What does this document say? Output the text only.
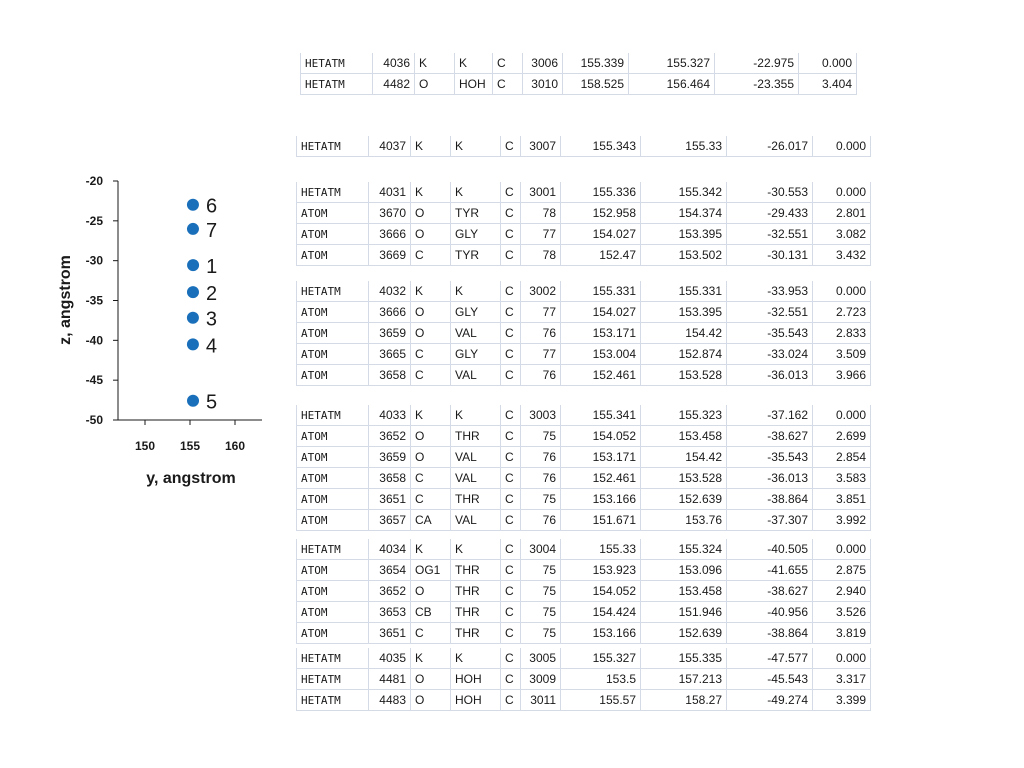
-20
-25
-30
-35
-40
-45
-50
150 155 160
1
2
3
4
5
6
7
y, angstrom
z, angstrom
HETATM	4036	K	K	C	3006	155.339	155.327	-22.975	0.000
HETATM	4482	O	HOH	C	3010	158.525	156.464	-23.355	3.404
HETATM	4037	K	K	C	3007	155.343	155.33	-26.017	0.000
HETATM	4031	K	K	C	3001	155.336	155.342	-30.553	0.000
ATOM	3670	O	TYR	C	78	152.958	154.374	-29.433	2.801
ATOM	3666	O	GLY	C	77	154.027	153.395	-32.551	3.082
ATOM	3669	C	TYR	C	78	152.47	153.502	-30.131	3.432
HETATM	4032	K	K	C	3002	155.331	155.331	-33.953	0.000
ATOM	3666	O	GLY	C	77	154.027	153.395	-32.551	2.723
ATOM	3659	O	VAL	C	76	153.171	154.42	-35.543	2.833
ATOM	3665	C	GLY	C	77	153.004	152.874	-33.024	3.509
ATOM	3658	C	VAL	C	76	152.461	153.528	-36.013	3.966
HETATM	4033	K	K	C	3003	155.341	155.323	-37.162	0.000
ATOM	3652	O	THR	C	75	154.052	153.458	-38.627	2.699
ATOM	3659	O	VAL	C	76	153.171	154.42	-35.543	2.854
ATOM	3658	C	VAL	C	76	152.461	153.528	-36.013	3.583
ATOM	3651	C	THR	C	75	153.166	152.639	-38.864	3.851
ATOM	3657	CA	VAL	C	76	151.671	153.76	-37.307	3.992
HETATM	4034	K	K	C	3004	155.33	155.324	-40.505	0.000
ATOM	3654	OG1	THR	C	75	153.923	153.096	-41.655	2.875
ATOM	3652	O	THR	C	75	154.052	153.458	-38.627	2.940
ATOM	3653	CB	THR	C	75	154.424	151.946	-40.956	3.526
ATOM	3651	C	THR	C	75	153.166	152.639	-38.864	3.819
HETATM	4035	K	K	C	3005	155.327	155.335	-47.577	0.000
HETATM	4481	O	HOH	C	3009	153.5	157.213	-45.543	3.317
HETATM	4483	O	HOH	C	3011	155.57	158.27	-49.274	3.399
